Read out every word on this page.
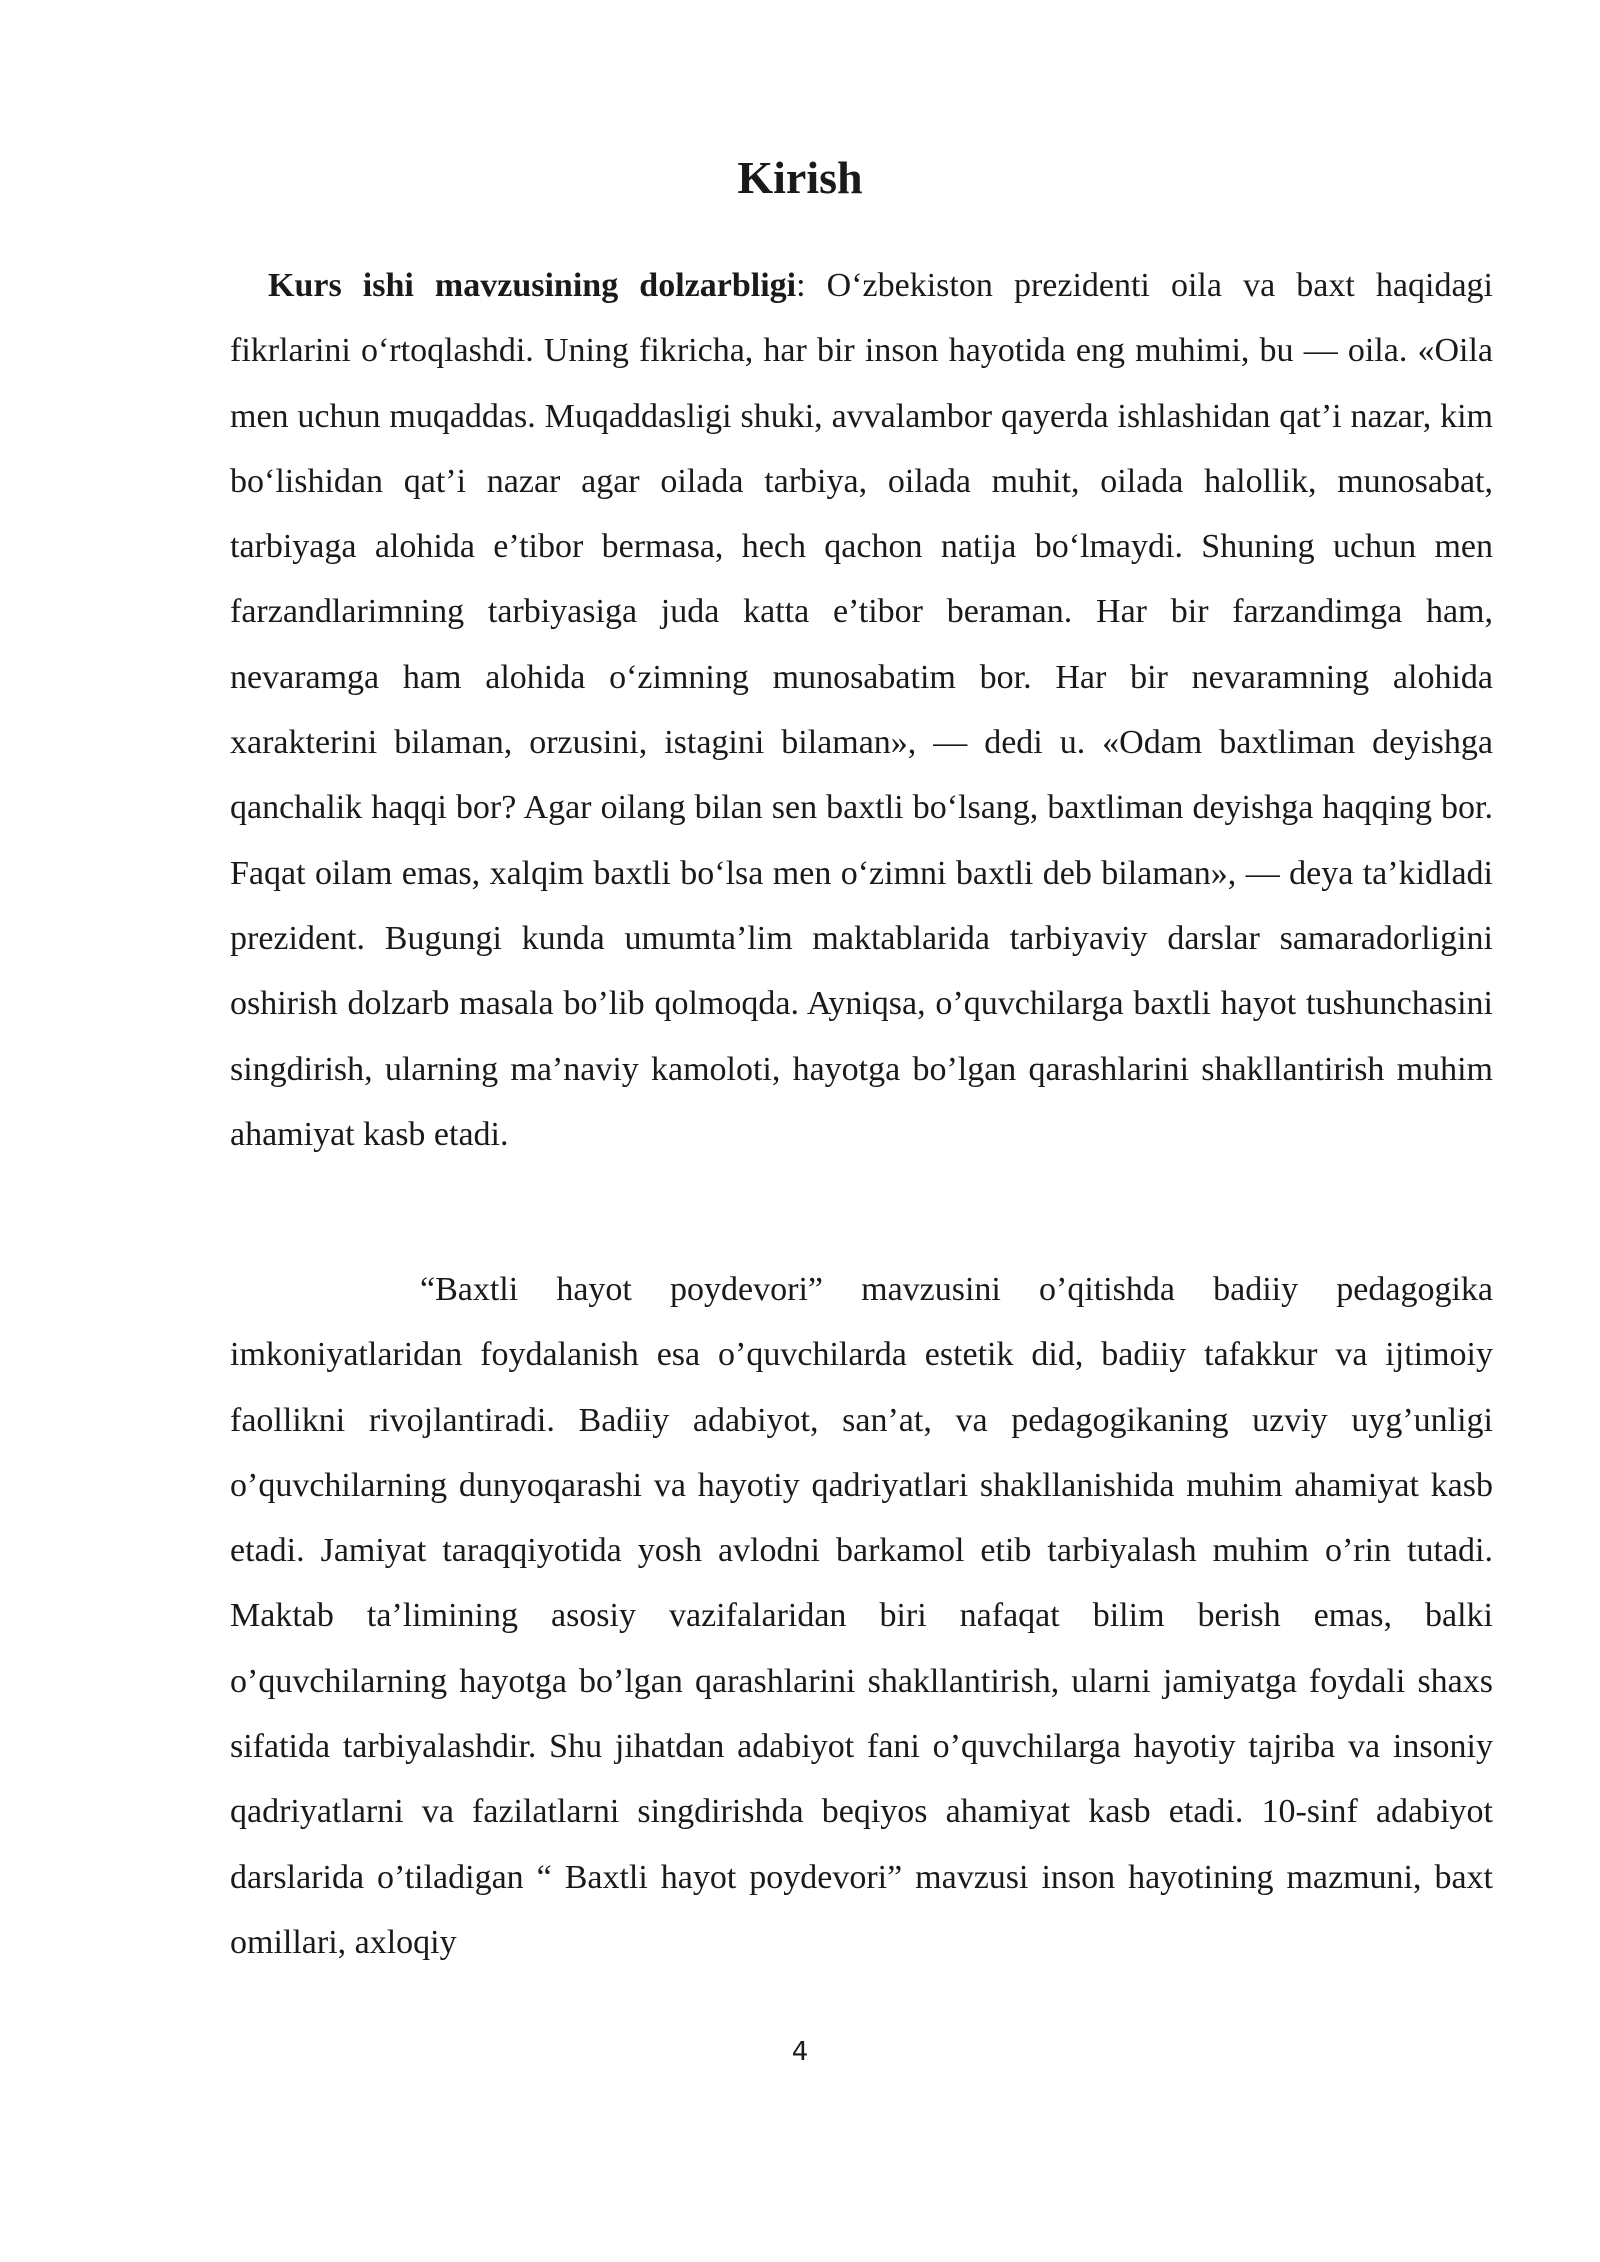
Kirish

Kurs ishi mavzusining dolzarbligi: O‘zbekiston prezidenti oila va baxt haqidagi fikrlarini o‘rtoqlashdi. Uning fikricha, har bir inson hayotida eng muhimi, bu — oila. «Oila men uchun muqaddas. Muqaddasligi shuki, avvalambor qayerda ishlashidan qat’i nazar, kim bo‘lishidan qat’i nazar agar oilada tarbiya, oilada muhit, oilada halollik, munosabat, tarbiyaga alohida e’tibor bermasa, hech qachon natija bo‘lmaydi. Shuning uchun men farzandlarimning tarbiyasiga juda katta e’tibor beraman. Har bir farzandimga ham, nevaramga ham alohida o‘zimning munosabatim bor. Har bir nevaramning alohida xarakterini bilaman, orzusini, istagini bilaman», — dedi u. «Odam baxtliman deyishga qanchalik haqqi bor? Agar oilang bilan sen baxtli bo‘lsang, baxtliman deyishga haqqing bor. Faqat oilam emas, xalqim baxtli bo‘lsa men o‘zimni baxtli deb bilaman», — deya ta’kidladi prezident. Bugungi kunda umumta’lim maktablarida tarbiyaviy darslar samaradorligini oshirish dolzarb masala bo’lib qolmoqda. Ayniqsa, o’quvchilarga baxtli hayot tushunchasini singdirish, ularning ma’naviy kamoloti, hayotga bo’lgan qarashlarini shakllantirish muhim ahamiyat kasb etadi.

“Baxtli hayot poydevori” mavzusini o’qitishda badiiy pedagogika imkoniyatlaridan foydalanish esa o’quvchilarda estetik did, badiiy tafakkur va ijtimoiy faollikni rivojlantiradi. Badiiy adabiyot, san’at, va pedagogikaning uzviy uyg’unligi o’quvchilarning dunyoqarashi va hayotiy qadriyatlari shakllanishida muhim ahamiyat kasb etadi. Jamiyat taraqqiyotida yosh avlodni barkamol etib tarbiyalash muhim o’rin tutadi. Maktab ta’limining asosiy vazifalaridan biri nafaqat bilim berish emas, balki o’quvchilarning hayotga bo’lgan qarashlarini shakllantirish, ularni jamiyatga foydali shaxs sifatida tarbiyalashdir. Shu jihatdan adabiyot fani o’quvchilarga hayotiy tajriba va insoniy qadriyatlarni va fazilatlarni singdirishda beqiyos ahamiyat kasb etadi. 10-sinf adabiyot darslarida o’tiladigan “ Baxtli hayot poydevori” mavzusi inson hayotining mazmuni, baxt omillari, axloqiy

4
